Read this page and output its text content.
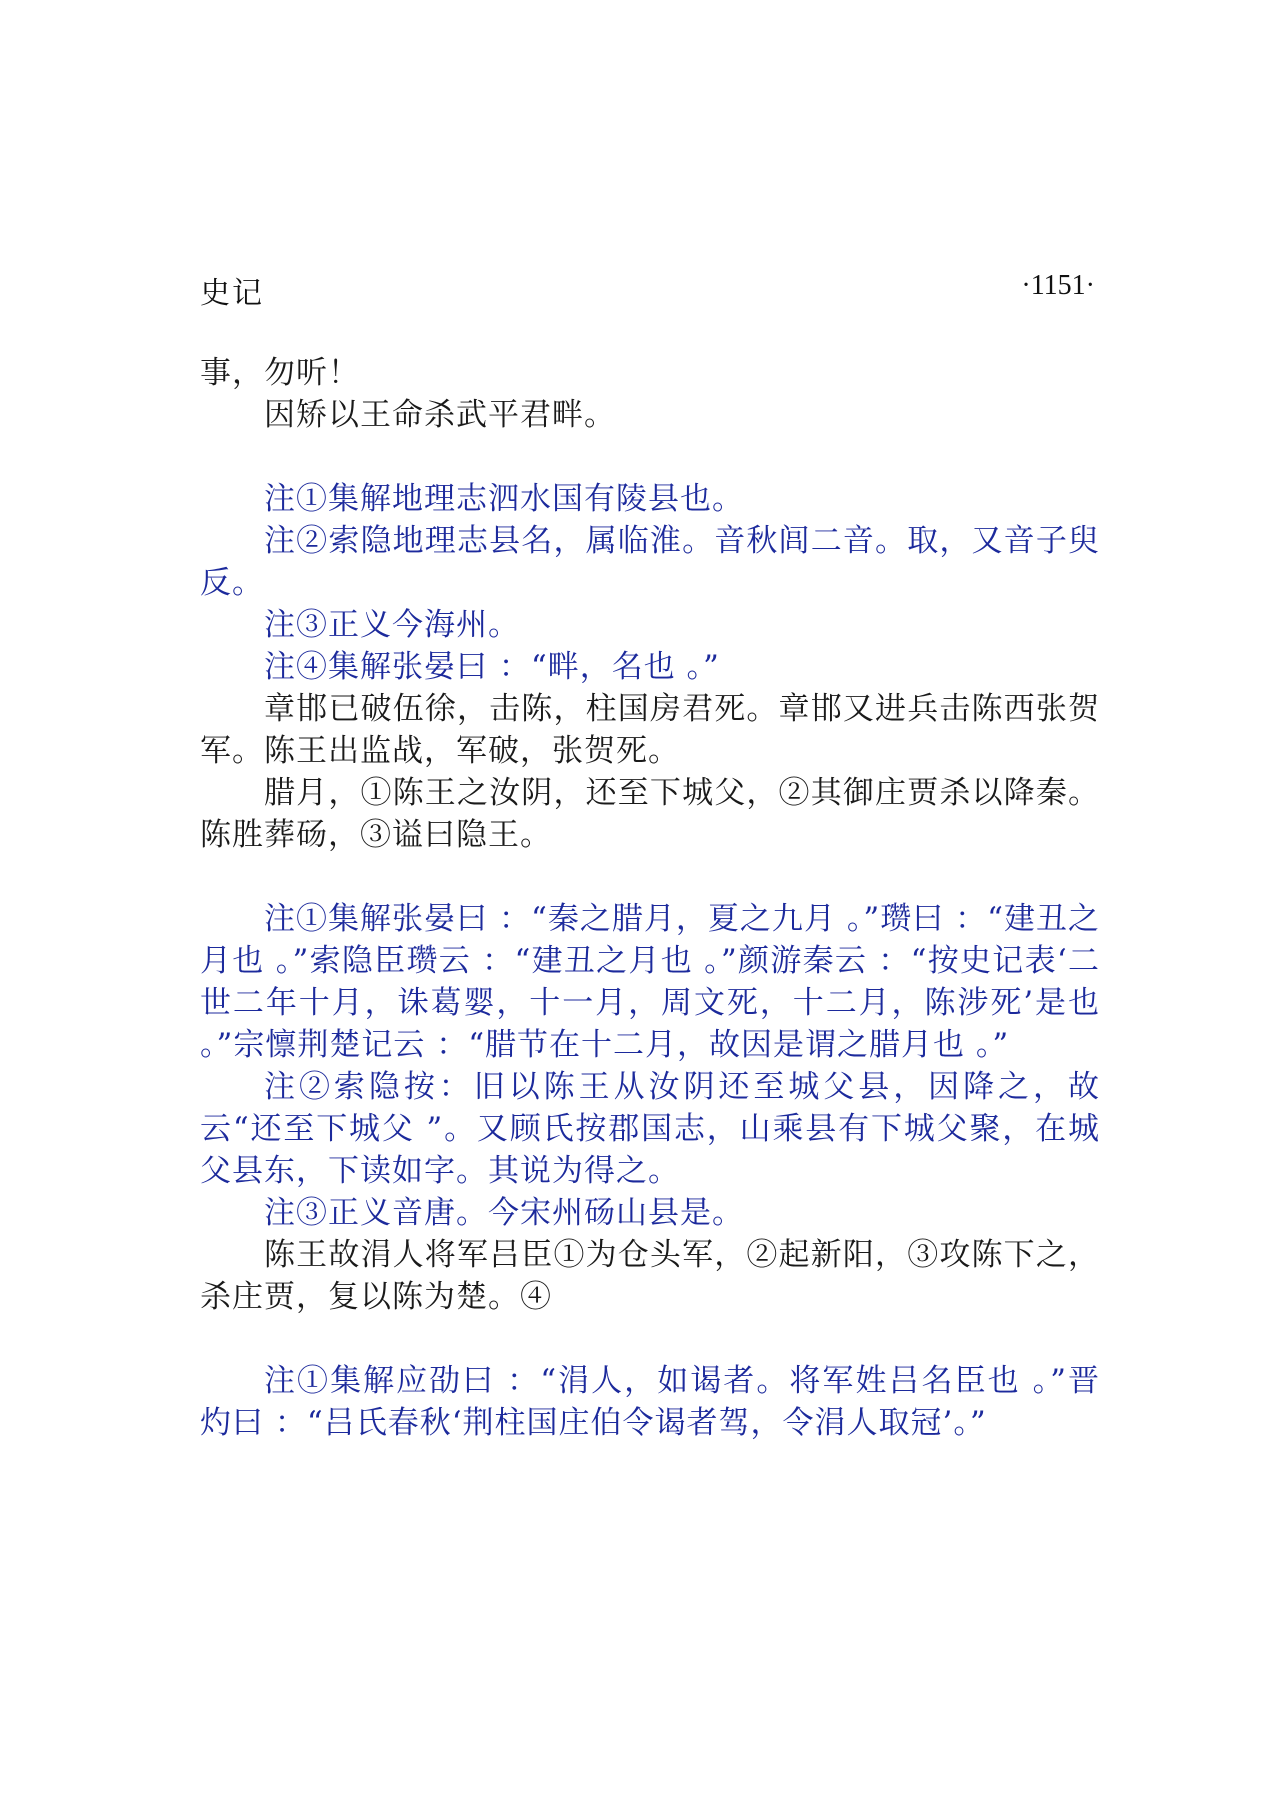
史记	·1151·

事，勿听！

因矫以王命杀武平君畔。

注①集解地理志泗水国有陵县也。

注②索隐地理志县名，属临淮。音秋闾二音。取，又音子臾反。

注③正义今海州。

注④集解张晏曰 ：“畔，名也 。”

章邯已破伍徐，击陈，柱国房君死。章邯又进兵击陈西张贺军。陈王出监战，军破，张贺死。

腊月，①陈王之汝阴，还至下城父，②其御庄贾杀以降秦。陈胜葬砀，③谥曰隐王。

注①集解张晏曰 ：“秦之腊月，夏之九月 。”瓒曰 ：“建丑之月也 。”索隐臣瓒云 ：“建丑之月也 。”颜游秦云 ：“按史记表‘二世二年十月，诛葛婴，十一月，周文死，十二月，陈涉死’是也 。”宗懔荆楚记云 ：“腊节在十二月，故因是谓之腊月也 。”

注②索隐按：旧以陈王从汝阴还至城父县，因降之，故云“还至下城父 ”。又顾氏按郡国志，山乘县有下城父聚，在城父县东，下读如字。其说为得之。

注③正义音唐。今宋州砀山县是。

陈王故涓人将军吕臣①为仓头军，②起新阳，③攻陈下之，杀庄贾，复以陈为楚。④

注①集解应劭曰 ：“涓人，如谒者。将军姓吕名臣也 。”晋灼曰 ：“吕氏春秋‘荆柱国庄伯令谒者驾，令涓人取冠’。”
